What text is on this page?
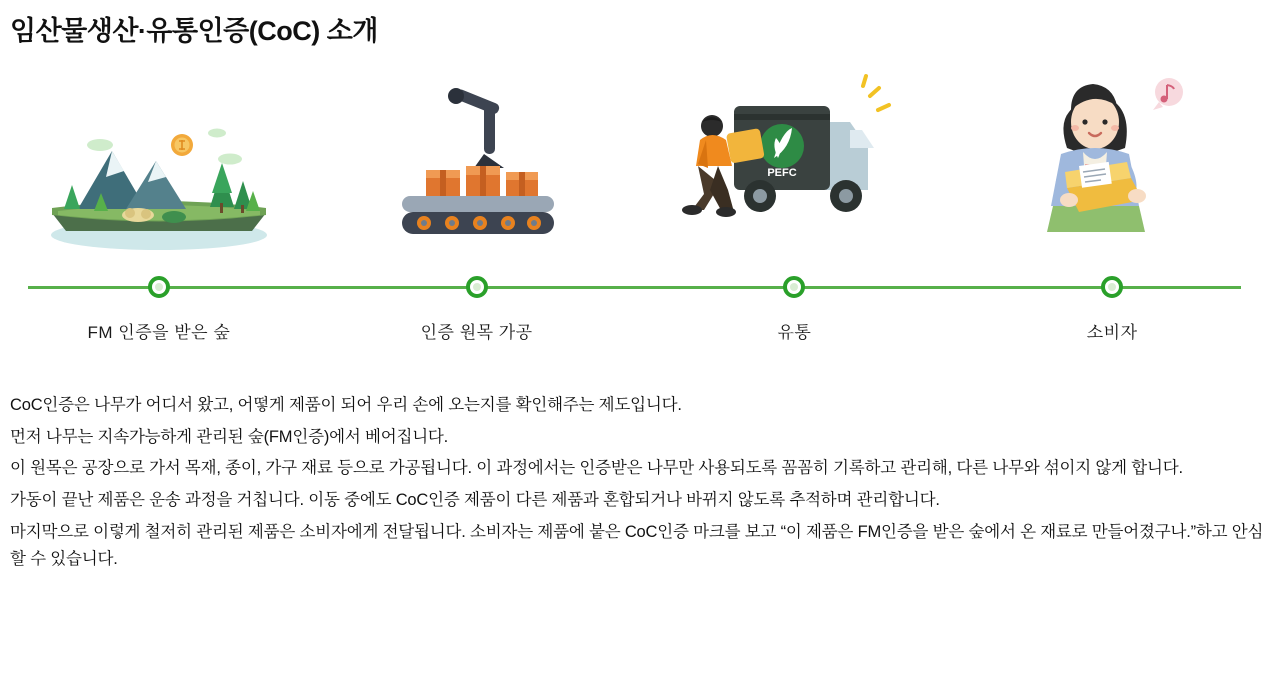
임산물생산·유통인증(CoC) 소개
FM 인증을 받은 숲	인증 원목 가공
PEFC
유통	소비자

CoC인증은 나무가 어디서 왔고, 어떻게 제품이 되어 우리 손에 오는지를 확인해주는 제도입니다.

먼저 나무는 지속가능하게 관리된 숲(FM인증)에서 베어집니다.

이 원목은 공장으로 가서 목재, 종이, 가구 재료 등으로 가공됩니다. 이 과정에서는 인증받은 나무만 사용되도록 꼼꼼히 기록하고 관리해, 다른 나무와 섞이지 않게 합니다.

가동이 끝난 제품은 운송 과정을 거칩니다. 이동 중에도 CoC인증 제품이 다른 제품과 혼합되거나 바뀌지 않도록 추적하며 관리합니다.

마지막으로 이렇게 철저히 관리된 제품은 소비자에게 전달됩니다. 소비자는 제품에 붙은 CoC인증 마크를 보고 “이 제품은 FM인증을 받은 숲에서 온 재료로 만들어졌구나.”하고 안심할 수 있습니다.
